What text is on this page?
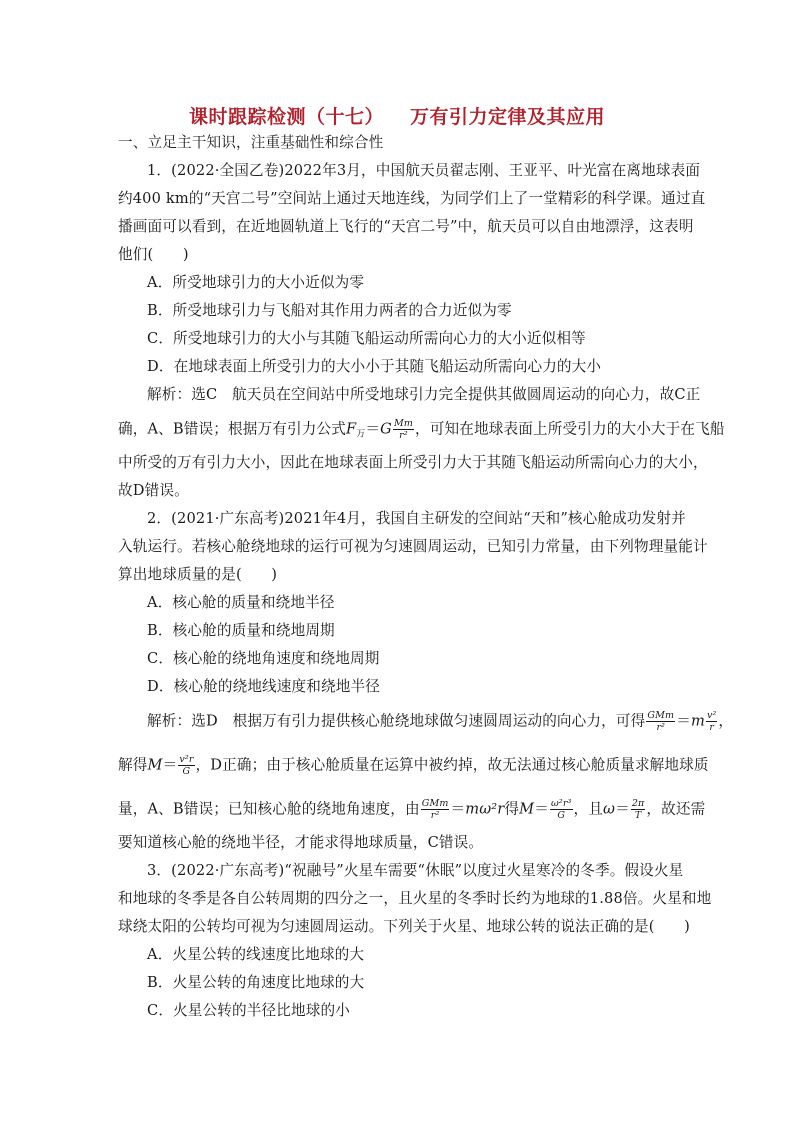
课时跟踪检测（十七） 万有引力定律及其应用
一、立足主干知识，注重基础性和综合性
1．(2022·全国乙卷)2022年3月，中国航天员翟志刚、王亚平、叶光富在离地球表面
约400 km的“天宫二号”空间站上通过天地连线，为同学们上了一堂精彩的科学课。通过直
播画面可以看到，在近地圆轨道上飞行的“天宫二号”中，航天员可以自由地漂浮，这表明
他们(　　)
A．所受地球引力的大小近似为零
B．所受地球引力与飞船对其作用力两者的合力近似为零
C．所受地球引力的大小与其随飞船运动所需向心力的大小近似相等
D．在地球表面上所受引力的大小小于其随飞船运动所需向心力的大小
解析：选C　航天员在空间站中所受地球引力完全提供其做圆周运动的向心力，故C正
确，A、B错误；根据万有引力公式$F_万=G \frac{Mm}{\text{r²}}$ ，可知在地球表面上所受引力的大小大于在飞船
中所受的万有引力大小，因此在地球表面上所受引力大于其随飞船运动所需向心力的大小，
故D错误。
2．(2021·广东高考)2021年4月，我国自主研发的空间站“天和”核心舱成功发射并
入轨运行。若核心舱绕地球的运行可视为匀速圆周运动，已知引力常量，由下列物理量能计
算出地球质量的是(　　)
A．核心舱的质量和绕地半径
B．核心舱的质量和绕地周期
C．核心舱的绕地角速度和绕地周期
D．核心舱的绕地线速度和绕地半径
解析：选D　根据万有引力提供核心舱绕地球做匀速圆周运动的向心力，可得 $\frac{\text{GMm}}{\text{r²}} =m \frac{\text{v²}}{r}$ ，
解得$M= \frac{\text{v²r}}{G}$ ，D正确；由于核心舱质量在运算中被约掉，故无法通过核心舱质量求解地球质
量，A、B错误；已知核心舱的绕地角速度，由 $\frac{\text{GMm}}{\text{r²}} =m\omega^2r$得$M= \frac{\text{ω²r³}}{G}$ ，且$\omega= \frac{2\pi}{T}$ ，故还需
要知道核心舱的绕地半径，才能求得地球质量，C错误。
3．(2022·广东高考)“祝融号”火星车需要“休眠”以度过火星寒冷的冬季。假设火星
和地球的冬季是各自公转周期的四分之一，且火星的冬季时长约为地球的1.88倍。火星和地
球绕太阳的公转均可视为匀速圆周运动。下列关于火星、地球公转的说法正确的是(　　)
A．火星公转的线速度比地球的大
B．火星公转的角速度比地球的大
C．火星公转的半径比地球的小
